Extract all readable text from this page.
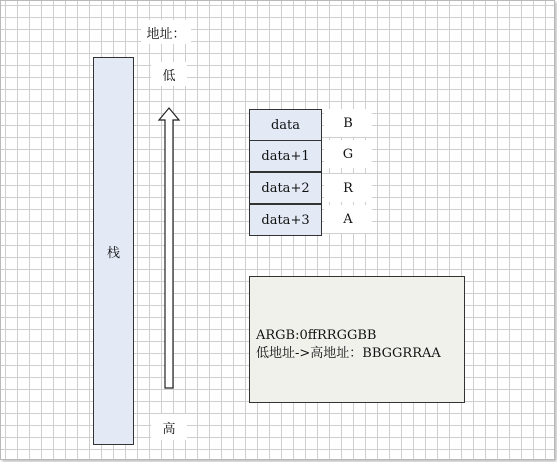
地址：
低
栈
高
data
data+1
data+2
data+3
B
G
R
A
ARGB:0ffRRGGBB
低地址->高地址：BBGGRRAA
